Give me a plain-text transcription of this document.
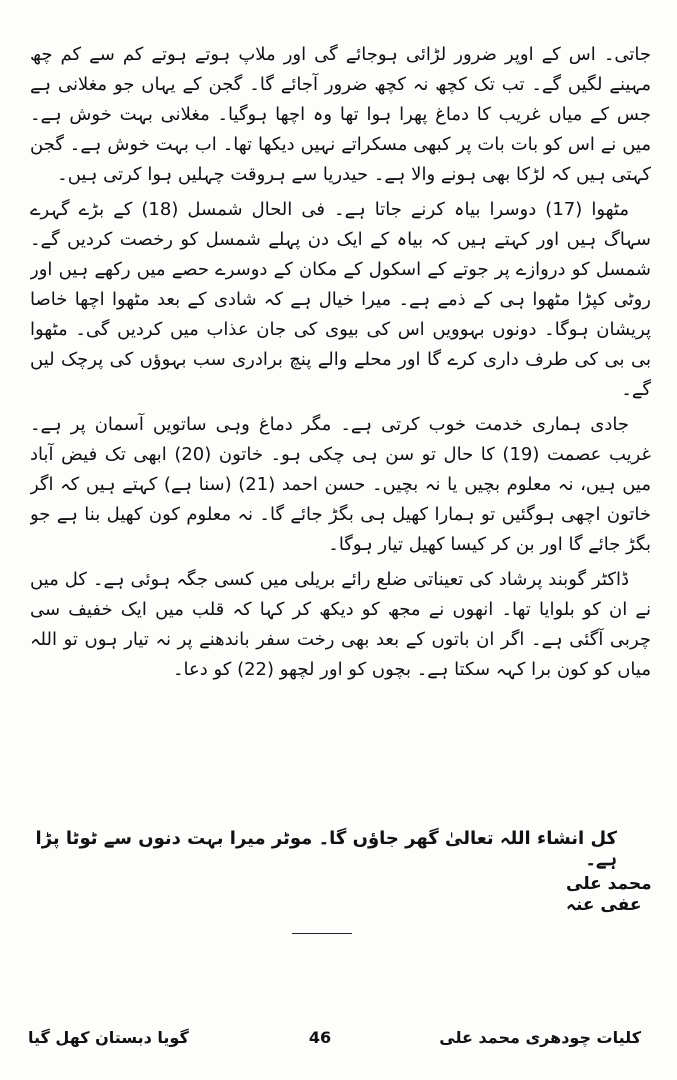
جاتی۔ اس کے اوپر ضرور لڑائی ہوجائے گی اور ملاپ ہوتے ہوتے کم سے کم چھ مہینے لگیں گے۔ تب تک کچھ نہ کچھ ضرور آجائے گا۔ گجن کے یہاں جو مغلانی ہے جس کے میاں غریب کا دماغ پھرا ہوا تھا وہ اچھا ہوگیا۔ مغلانی بہت خوش ہے۔ میں نے اس کو بات بات پر کبھی مسکراتے نہیں دیکھا تھا۔ اب بہت خوش ہے۔ گجن کہتی ہیں کہ لڑکا بھی ہونے والا ہے۔ حیدریا سے ہروقت چہلیں ہوا کرتی ہیں۔

مٹھوا (17) دوسرا بیاہ کرنے جاتا ہے۔ فی الحال شمسل (18) کے بڑے گہرے سہاگ ہیں اور کہتے ہیں کہ بیاہ کے ایک دن پہلے شمسل کو رخصت کردیں گے۔ شمسل کو دروازے پر جوتے کے اسکول کے مکان کے دوسرے حصے میں رکھے ہیں اور روٹی کپڑا مٹھوا ہی کے ذمے ہے۔ میرا خیال ہے کہ شادی کے بعد مٹھوا اچھا خاصا پریشان ہوگا۔ دونوں بہوویں اس کی بیوی کی جان عذاب میں کردیں گی۔ مٹھوا بی بی کی طرف داری کرے گا اور محلے والے پنچ برادری سب بہوؤں کی پرچک لیں گے۔

جادی ہماری خدمت خوب کرتی ہے۔ مگر دماغ وہی ساتویں آسمان پر ہے۔ غریب عصمت (19) کا حال تو سن ہی چکی ہو۔ خاتون (20) ابھی تک فیض آباد میں ہیں، نہ معلوم بچیں یا نہ بچیں۔ حسن احمد (21) (سنا ہے) کہتے ہیں کہ اگر خاتون اچھی ہوگئیں تو ہمارا کھیل ہی بگڑ جائے گا۔ نہ معلوم کون کھیل بنا ہے جو بگڑ جائے گا اور بن کر کیسا کھیل تیار ہوگا۔

ڈاکٹر گوبند پرشاد کی تعیناتی ضلع رائے بریلی میں کسی جگہ ہوئی ہے۔ کل میں نے ان کو بلوایا تھا۔ انھوں نے مجھ کو دیکھ کر کہا کہ قلب میں ایک خفیف سی چربی آگئی ہے۔ اگر ان باتوں کے بعد بھی رخت سفر باندھنے پر نہ تیار ہوں تو اللہ میاں کو کون برا کہہ سکتا ہے۔ بچوں کو اور لچھو (22) کو دعا۔

کل انشاء اللہ تعالیٰ گھر جاؤں گا۔ موٹر میرا بہت دنوں سے ٹوٹا پڑا ہے۔
محمد علی عفی عنہ
کلیات چودھری محمد علی
46
گویا دبستان کھل گیا
